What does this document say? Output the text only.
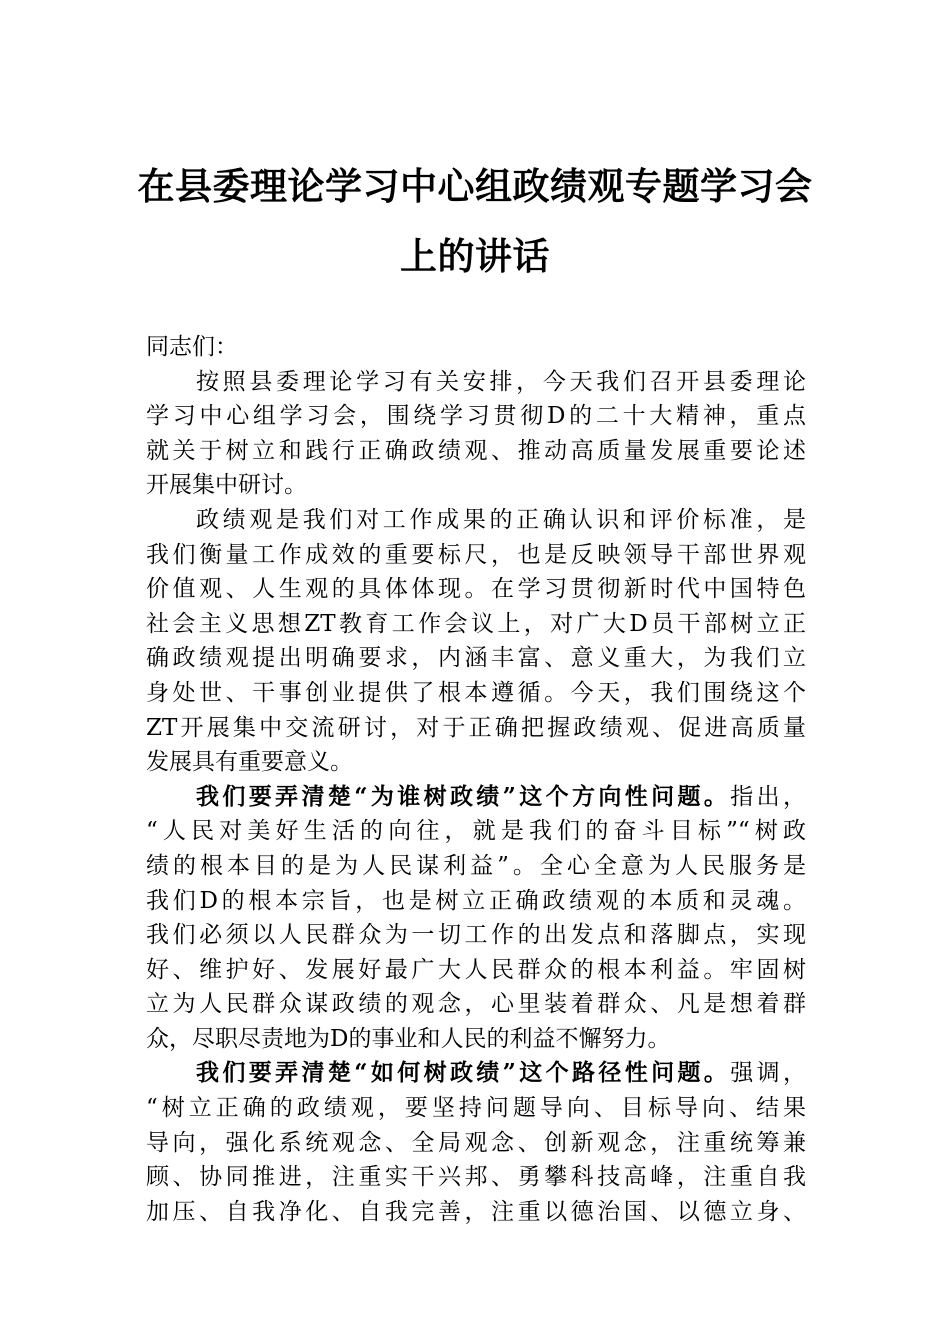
在县委理论学习中心组政绩观专题学习会
上的讲话
同志们：
按照县委理论学习有关安排，今天我们召开县委理论
学习中心组学习会，围绕学习贯彻D的二十大精神，重点
就关于树立和践行正确政绩观、推动高质量发展重要论述
开展集中研讨。
政绩观是我们对工作成果的正确认识和评价标准，是
我们衡量工作成效的重要标尺，也是反映领导干部世界观
价值观、人生观的具体体现。在学习贯彻新时代中国特色
社会主义思想ZT教育工作会议上，对广大D员干部树立正
确政绩观提出明确要求，内涵丰富、意义重大，为我们立
身处世、干事创业提供了根本遵循。今天，我们围绕这个
ZT开展集中交流研讨，对于正确把握政绩观、促进高质量
发展具有重要意义。
我们要弄清楚“为谁树政绩”这个方向性问题。指出，
“人民对美好生活的向往，就是我们的奋斗目标”“树政
绩的根本目的是为人民谋利益”。全心全意为人民服务是
我们D的根本宗旨，也是树立正确政绩观的本质和灵魂。
我们必须以人民群众为一切工作的出发点和落脚点，实现
好、维护好、发展好最广大人民群众的根本利益。牢固树
立为人民群众谋政绩的观念，心里装着群众、凡是想着群
众，尽职尽责地为D的事业和人民的利益不懈努力。
我们要弄清楚“如何树政绩”这个路径性问题。强调，
“树立正确的政绩观，要坚持问题导向、目标导向、结果
导向，强化系统观念、全局观念、创新观念，注重统筹兼
顾、协同推进，注重实干兴邦、勇攀科技高峰，注重自我
加压、自我净化、自我完善，注重以德治国、以德立身、
